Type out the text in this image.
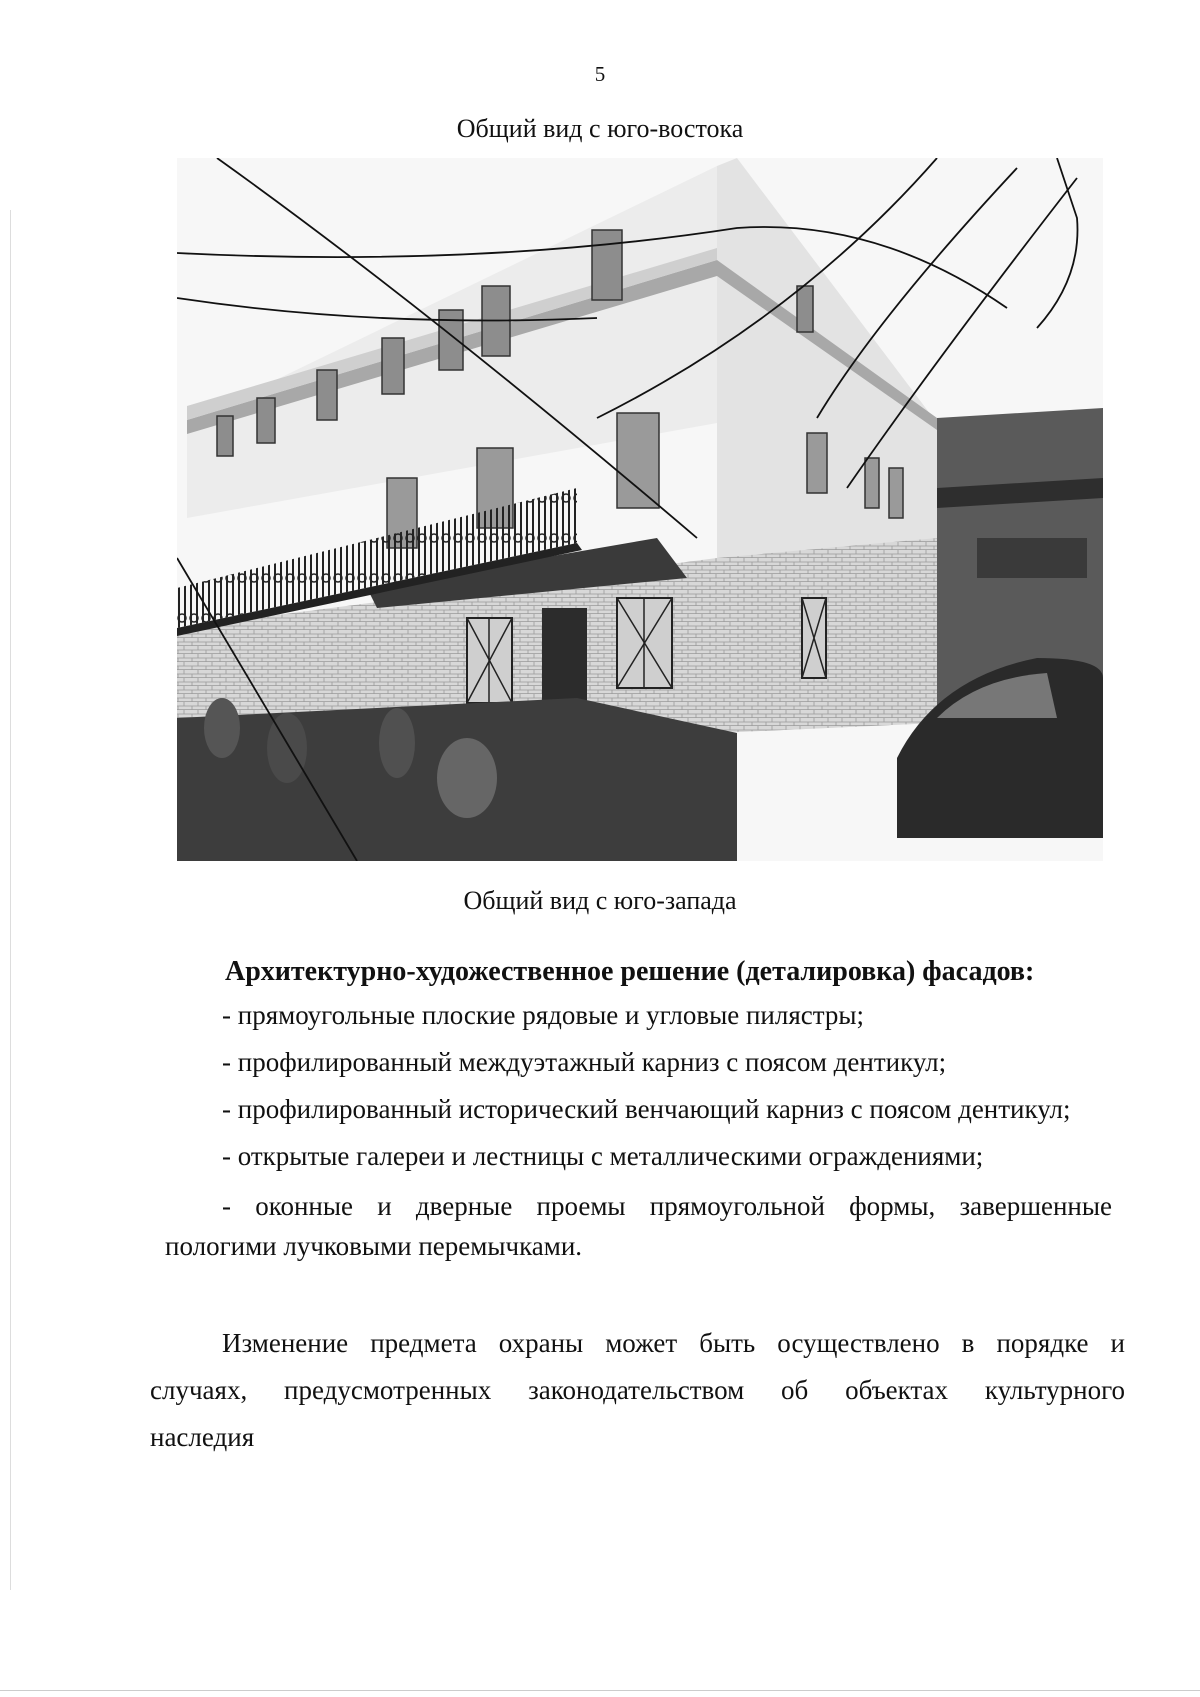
5
Общий вид с юго-востока
Общий вид с юго-запада
Архитектурно-художественное решение (деталировка) фасадов:
- прямоугольные плоские рядовые и угловые пилястры;
- профилированный междуэтажный карниз с поясом дентикул;
- профилированный исторический венчающий карниз с поясом дентикул;
- открытые галереи и лестницы с металлическими ограждениями;
- оконные и дверные проемы прямоугольной формы, завершенные
пологими лучковыми перемычками.
Изменение предмета охраны может быть осуществлено в порядке и
случаях, предусмотренных законодательством об объектах культурного
наследия
